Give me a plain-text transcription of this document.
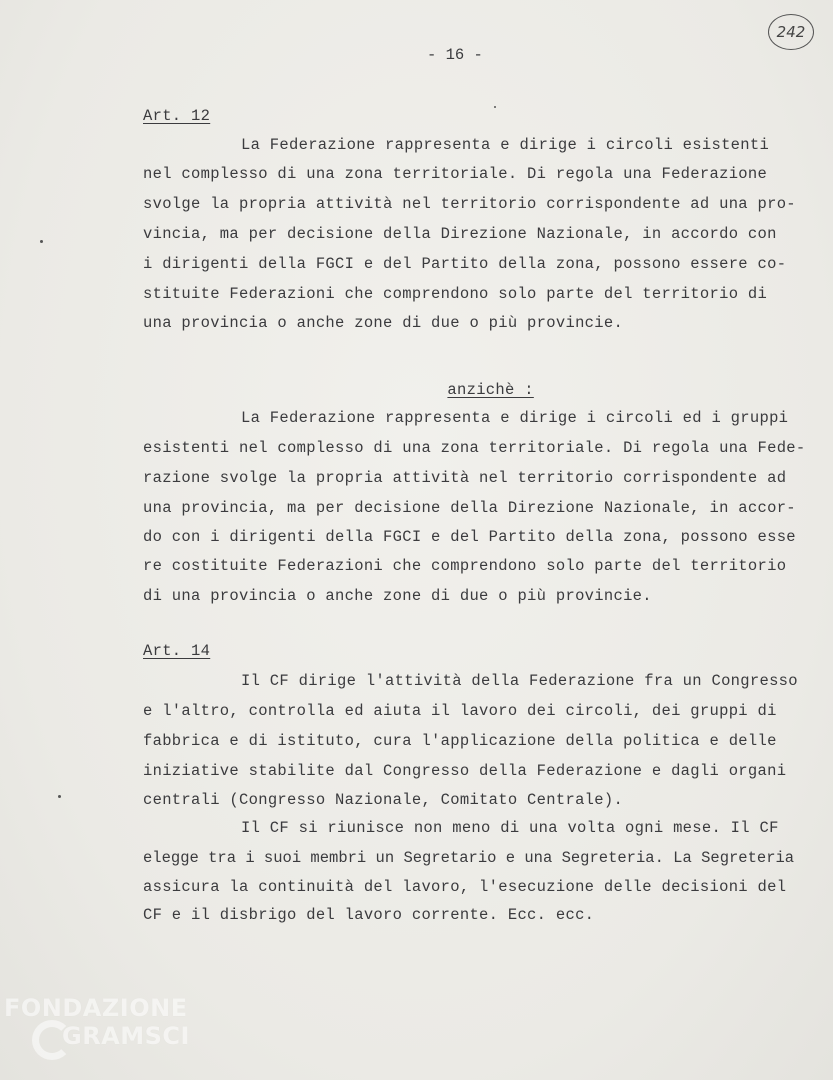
242
- 16 -
Art. 12
La Federazione rappresenta e dirige i circoli esistenti
nel complesso di una zona territoriale. Di regola una Federazione
svolge la propria attività nel territorio corrispondente ad una pro-
vincia, ma per decisione della Direzione Nazionale, in accordo con
i dirigenti della FGCI e del Partito della zona, possono essere co-
stituite Federazioni che comprendono solo parte del territorio di
una provincia o anche zone di due o più provincie.

anzichè :

La Federazione rappresenta e dirige i circoli ed i gruppi
esistenti nel complesso di una zona territoriale. Di regola una Fede-
razione svolge la propria attività nel territorio corrispondente ad
una provincia, ma per decisione della Direzione Nazionale, in accor-
do con i dirigenti della FGCI e del Partito della zona, possono esse
re costituite Federazioni che comprendono solo parte del territorio
di una provincia o anche zone di due o più provincie.
Art. 14
Il CF dirige l'attività della Federazione fra un Congresso
e l'altro, controlla ed aiuta il lavoro dei circoli, dei gruppi di
fabbrica e di istituto, cura l'applicazione della politica e delle
iniziative stabilite dal Congresso della Federazione e dagli organi
centrali (Congresso Nazionale, Comitato Centrale).
Il CF si riunisce non meno di una volta ogni mese. Il CF
elegge tra i suoi membri un Segretario e una Segreteria. La Segreteria
assicura la continuità del lavoro, l'esecuzione delle decisioni del
CF e il disbrigo del lavoro corrente. Ecc. ecc.
FONDAZIONE
GRAMSCI
